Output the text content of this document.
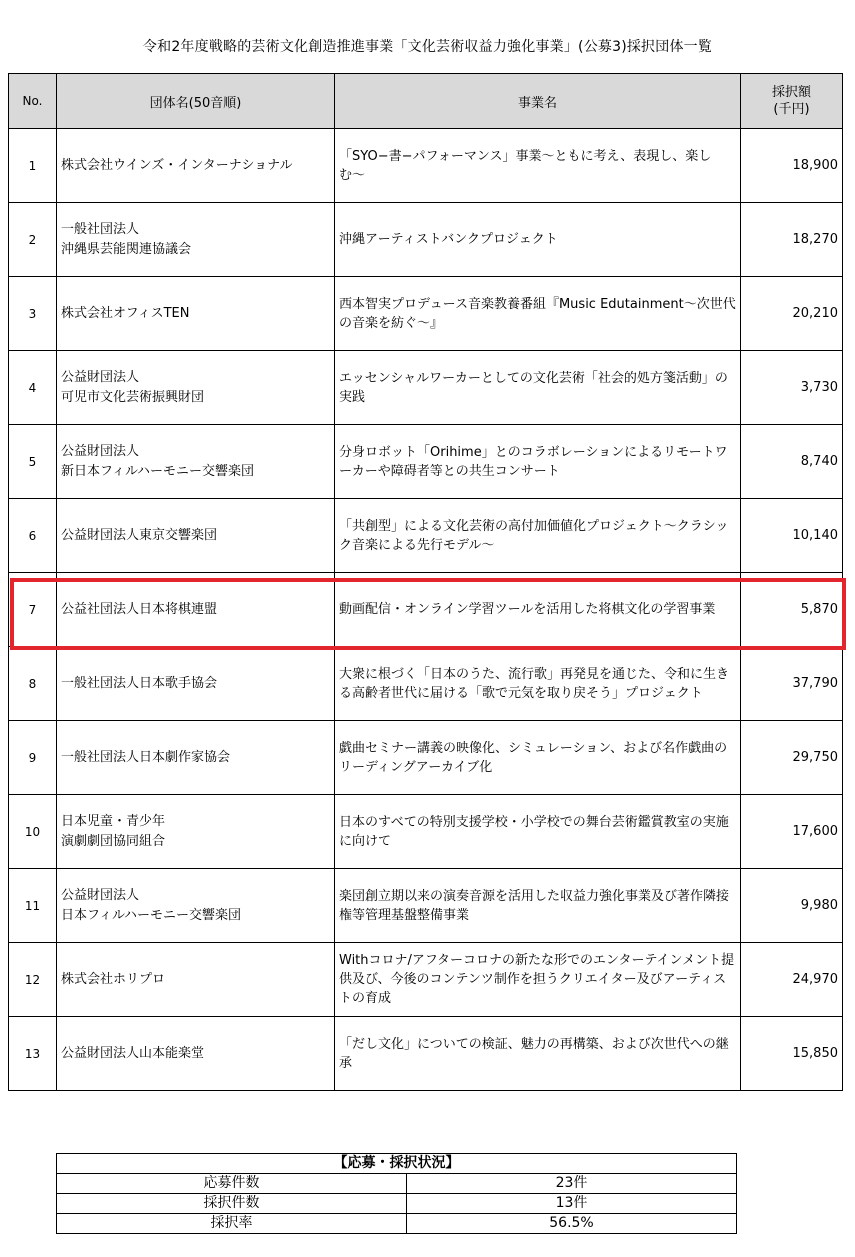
令和2年度戦略的芸術文化創造推進事業「文化芸術収益力強化事業」(公募3)採択団体一覧
No.	団体名(50音順)	事業名	採択額
(千円)
1	株式会社ウインズ・インターナショナル	「SYO−書−パフォーマンス」事業〜ともに考え、表現し、楽しむ〜	18,900
2	一般社団法人
沖縄県芸能関連協議会	沖縄アーティストバンクプロジェクト	18,270
3	株式会社オフィスTEN	西本智実プロデュース音楽教養番組『Music Edutainment〜次世代の音楽を紡ぐ〜』	20,210
4	公益財団法人
可児市文化芸術振興財団	エッセンシャルワーカーとしての文化芸術「社会的処方箋活動」の実践	3,730
5	公益財団法人
新日本フィルハーモニー交響楽団	分身ロボット「Orihime」とのコラボレーションによるリモートワーカーや障碍者等との共生コンサート	8,740
6	公益財団法人東京交響楽団	「共創型」による文化芸術の高付加価値化プロジェクト〜クラシック音楽による先行モデル〜	10,140
7	公益社団法人日本将棋連盟	動画配信・オンライン学習ツールを活用した将棋文化の学習事業	5,870
8	一般社団法人日本歌手協会	大衆に根づく「日本のうた、流行歌」再発見を通じた、令和に生きる高齢者世代に届ける「歌で元気を取り戻そう」プロジェクト	37,790
9	一般社団法人日本劇作家協会	戯曲セミナー講義の映像化、シミュレーション、および名作戯曲のリーディングアーカイブ化	29,750
10	日本児童・青少年
演劇劇団協同組合	日本のすべての特別支援学校・小学校での舞台芸術鑑賞教室の実施に向けて	17,600
11	公益財団法人
日本フィルハーモニー交響楽団	楽団創立期以来の演奏音源を活用した収益力強化事業及び著作隣接権等管理基盤整備事業	9,980
12	株式会社ホリプロ	Withコロナ/アフターコロナの新たな形でのエンターテインメント提供及び、今後のコンテンツ制作を担うクリエイター及びアーティストの育成	24,970
13	公益財団法人山本能楽堂	「だし文化」についての検証、魅力の再構築、および次世代への継承	15,850
【応募・採択状況】	
応募件数	23件
採択件数	13件
採択率	56.5%
